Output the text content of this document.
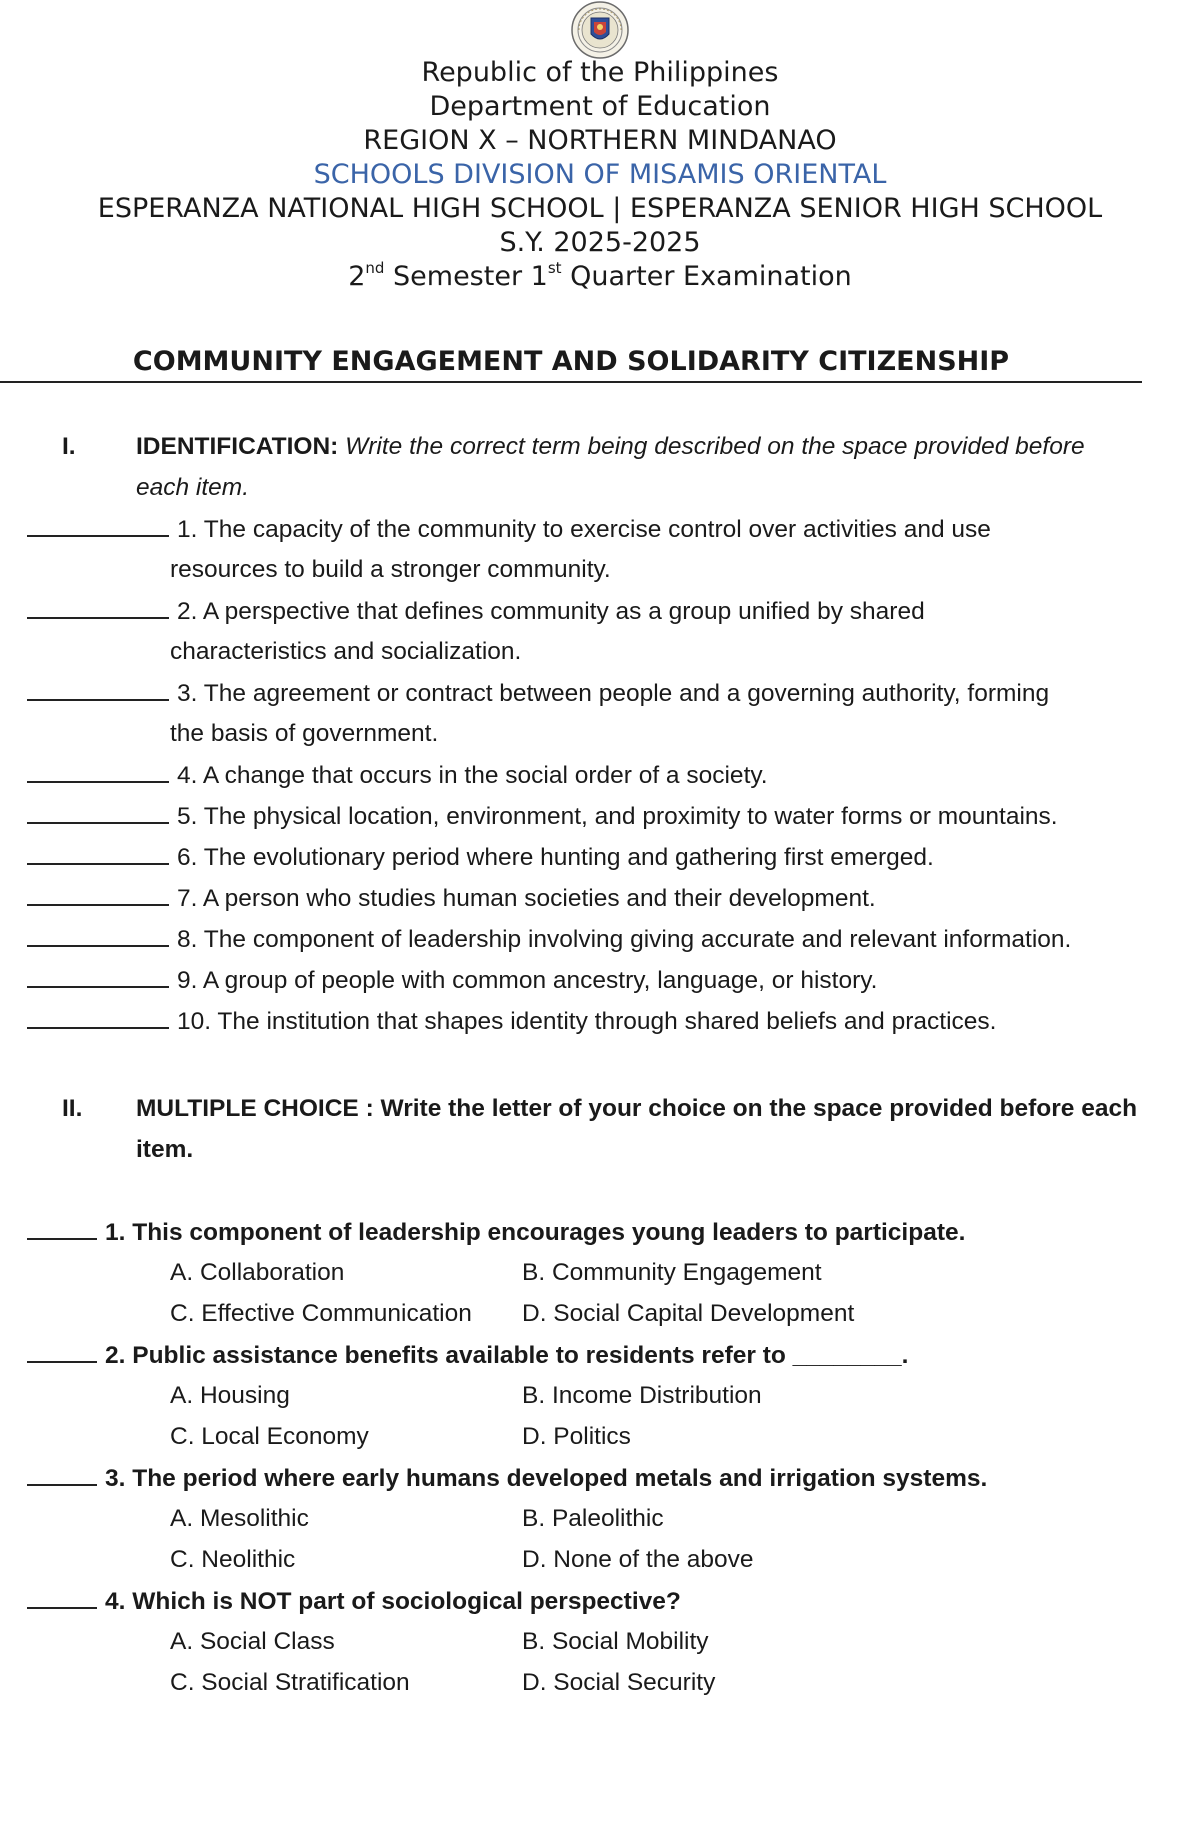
Republic of the Philippines
Department of Education
REGION X – NORTHERN MINDANAO
SCHOOLS DIVISION OF MISAMIS ORIENTAL
ESPERANZA NATIONAL HIGH SCHOOL | ESPERANZA SENIOR HIGH SCHOOL
S.Y. 2025-2025
2nd Semester 1st Quarter Examination
COMMUNITY ENGAGEMENT AND SOLIDARITY CITIZENSHIP
I. IDENTIFICATION: Write the correct term being described on the space provided before
each item.
1. The capacity of the community to exercise control over activities and use
resources to build a stronger community.
2. A perspective that defines community as a group unified by shared
characteristics and socialization.
3. The agreement or contract between people and a governing authority, forming
the basis of government.
4. A change that occurs in the social order of a society.
5. The physical location, environment, and proximity to water forms or mountains.
6. The evolutionary period where hunting and gathering first emerged.
7. A person who studies human societies and their development.
8. The component of leadership involving giving accurate and relevant information.
9. A group of people with common ancestry, language, or history.
10. The institution that shapes identity through shared beliefs and practices.
II. MULTIPLE CHOICE : Write the letter of your choice on the space provided before each
item.
1. This component of leadership encourages young leaders to participate.
A. Collaboration	B. Community Engagement
C. Effective Communication D. Social Capital Development
2. Public assistance benefits available to residents refer to ________.
A. Housing	B. Income Distribution
C. Local Economy	D. Politics
3. The period where early humans developed metals and irrigation systems.
A. Mesolithic	B. Paleolithic
C. Neolithic	D. None of the above
4. Which is NOT part of sociological perspective?
A. Social Class	B. Social Mobility
C. Social Stratification	D. Social Security
